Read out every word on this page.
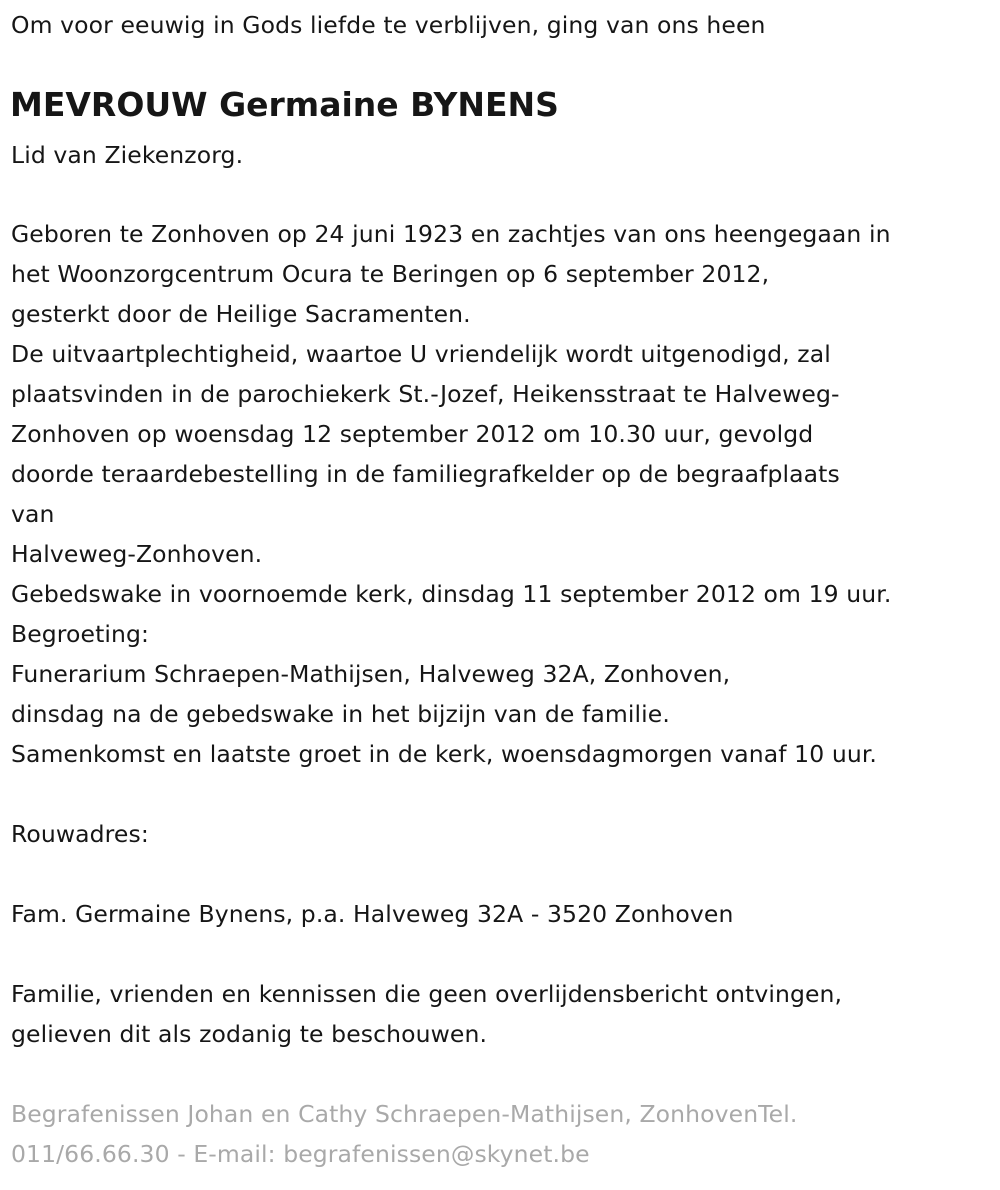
Om voor eeuwig in Gods liefde te verblijven, ging van ons heen
MEVROUW Germaine BYNENS
Lid van Ziekenzorg.
Geboren te Zonhoven op 24 juni 1923 en zachtjes van ons heengegaan in
het Woonzorgcentrum Ocura te Beringen op 6 september 2012,
gesterkt door de Heilige Sacramenten.
De uitvaartplechtigheid, waartoe U vriendelijk wordt uitgenodigd, zal
plaatsvinden in de parochiekerk St.-Jozef, Heikensstraat te Halveweg-
Zonhoven op woensdag 12 september 2012 om 10.30 uur, gevolgd
doorde teraardebestelling in de familiegrafkelder op de begraafplaats
van
Halveweg-Zonhoven.
Gebedswake in voornoemde kerk, dinsdag 11 september 2012 om 19 uur.
Begroeting:
Funerarium Schraepen-Mathijsen, Halveweg 32A, Zonhoven,
dinsdag na de gebedswake in het bijzijn van de familie.
Samenkomst en laatste groet in de kerk, woensdagmorgen vanaf 10 uur.
Rouwadres:
Fam. Germaine Bynens, p.a. Halveweg 32A - 3520 Zonhoven
Familie, vrienden en kennissen die geen overlijdensbericht ontvingen,
gelieven dit als zodanig te beschouwen.
Begrafenissen Johan en Cathy Schraepen-Mathijsen, ZonhovenTel.
011/66.66.30 - E-mail: begrafenissen@skynet.be
